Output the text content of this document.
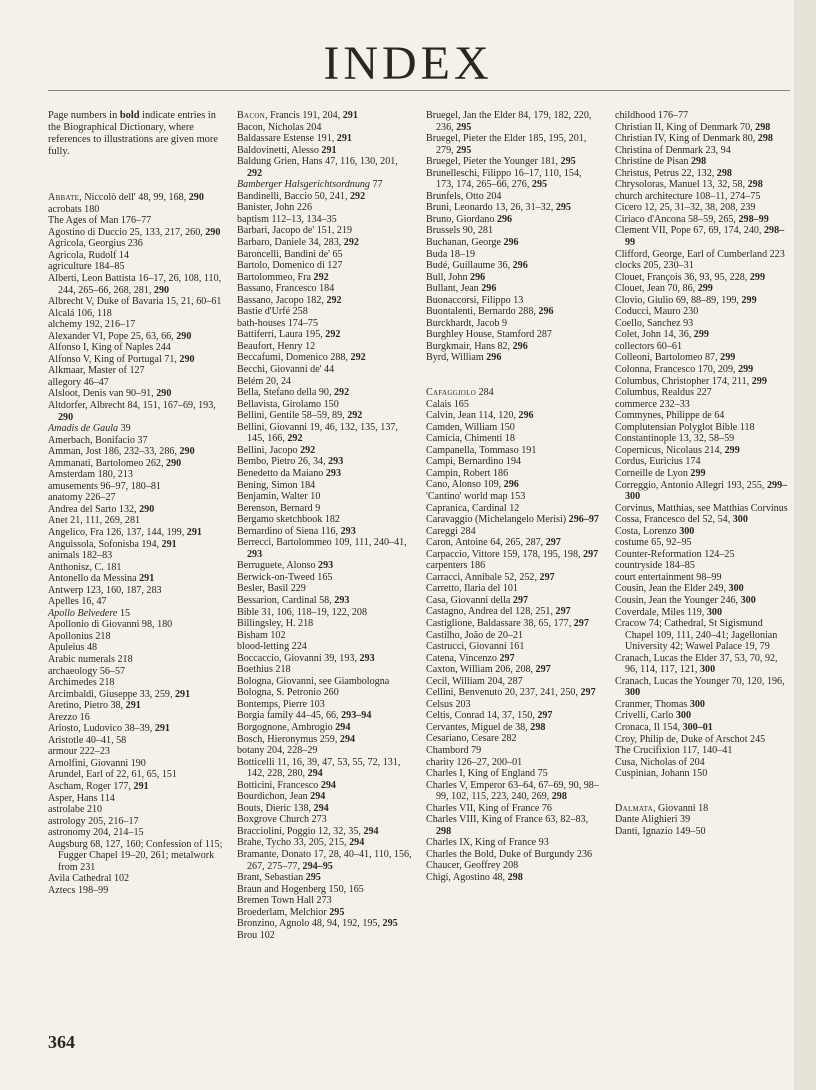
INDEX
Page numbers in bold indicate entries in the Biographical Dictionary, where references to illustrations are given more fully.
Abbate, Niccolò dell' 48, 99, 168, 290
acrobats 180
The Ages of Man 176–77
Agostino di Duccio 25, 133, 217, 260, 290
Agricola, Georgius 236
Agricola, Rudolf 14
agriculture 184–85
Alberti, Leon Battista 16–17, 26, 108, 110, 244, 265–66, 268, 281, 290
Albrecht V, Duke of Bavaria 15, 21, 60–61
Alcalá 106, 118
alchemy 192, 216–17
Alexander VI, Pope 25, 63, 66, 290
Alfonso I, King of Naples 244
Alfonso V, King of Portugal 71, 290
Alkmaar, Master of 127
allegory 46–47
Alsloot, Denis van 90–91, 290
Altdorfer, Albrecht 84, 151, 167–69, 193, 290
Amadis de Gaula 39
Amerbach, Bonifacio 37
Amman, Jost 186, 232–33, 286, 290
Ammanati, Bartolomeo 262, 290
Amsterdam 180, 213
amusements 96–97, 180–81
anatomy 226–27
Andrea del Sarto 132, 290
Anet 21, 111, 269, 281
Angelico, Fra 126, 137, 144, 199, 291
Anguissola, Sofonisba 194, 291
animals 182–83
Anthonisz, C. 181
Antonello da Messina 291
Antwerp 123, 160, 187, 283
Apelles 16, 47
Apollo Belvedere 15
Apollonio di Giovanni 98, 180
Apollonius 218
Apuleius 48
Arabic numerals 218
archaeology 56–57
Archimedes 218
Arcimbaldi, Giuseppe 33, 259, 291
Aretino, Pietro 38, 291
Arezzo 16
Ariosto, Ludovico 38–39, 291
Aristotle 40–41, 58
armour 222–23
Arnolfini, Giovanni 190
Arundel, Earl of 22, 61, 65, 151
Ascham, Roger 177, 291
Asper, Hans 114
astrolabe 210
astrology 205, 216–17
astronomy 204, 214–15
Augsburg 68, 127, 160; Confession of 115; Fugger Chapel 19–20, 261; metalwork from 231
Avila Cathedral 102
Aztecs 198–99
Bacon, Francis 191, 204, 291
Bacon, Nicholas 204
Baldassare Estense 191, 291
Baldovinetti, Alesso 291
Baldung Grien, Hans 47, 116, 130, 201, 292
Bamberger Halsgerichtsordnung 77
Bandinelli, Baccio 50, 241, 292
Banister, John 226
baptism 112–13, 134–35
Barbari, Jacopo de' 151, 219
Barbaro, Daniele 34, 283, 292
Baroncelli, Bandini de' 65
Bartolo, Domenico di 127
Bartolommeo, Fra 292
Bassano, Francesco 184
Bassano, Jacopo 182, 292
Bastie d'Urfé 258
bath-houses 174–75
Battiferri, Laura 195, 292
Beaufort, Henry 12
Beccafumi, Domenico 288, 292
Becchi, Giovanni de' 44
Belém 20, 24
Bella, Stefano della 90, 292
Bellavista, Girolamo 150
Bellini, Gentile 58–59, 89, 292
Bellini, Giovanni 19, 46, 132, 135, 137, 145, 166, 292
Bellini, Jacopo 292
Bembo, Pietro 26, 34, 293
Benedetto da Maiano 293
Bening, Simon 184
Benjamin, Walter 10
Berenson, Bernard 9
Bergamo sketchbook 182
Bernardino of Siena 116, 293
Berrecci, Bartolommeo 109, 111, 240–41, 293
Berruguete, Alonso 293
Berwick-on-Tweed 165
Besler, Basil 229
Bessarion, Cardinal 58, 293
Bible 31, 106, 118–19, 122, 208
Billingsley, H. 218
Bisham 102
blood-letting 224
Boccaccio, Giovanni 39, 193, 293
Boethius 218
Bologna, Giovanni, see Giambologna
Bologna, S. Petronio 260
Bontemps, Pierre 103
Borgia family 44–45, 66, 293–94
Borgognone, Ambrogio 294
Bosch, Hieronymus 259, 294
botany 204, 228–29
Botticelli 11, 16, 39, 47, 53, 55, 72, 131, 142, 228, 280, 294
Botticini, Francesco 294
Bourdichon, Jean 294
Bouts, Dieric 138, 294
Boxgrove Church 273
Bracciolini, Poggio 12, 32, 35, 294
Brahe, Tycho 33, 205, 215, 294
Bramante, Donato 17, 28, 40–41, 110, 156, 267, 275–77, 294–95
Brant, Sebastian 295
Braun and Hogenberg 150, 165
Bremen Town Hall 273
Broederlam, Melchior 295
Bronzino, Agnolo 48, 94, 192, 195, 295
Brou 102
Bruegel, Jan the Elder 84, 179, 182, 220, 236, 295
Bruegel, Pieter the Elder 185, 195, 201, 279, 295
Bruegel, Pieter the Younger 181, 295
Brunelleschi, Filippo 16–17, 110, 154, 173, 174, 265–66, 276, 295
Brunfels, Otto 204
Bruni, Leonardo 13, 26, 31–32, 295
Bruno, Giordano 296
Brussels 90, 281
Buchanan, George 296
Buda 18–19
Budé, Guillaume 36, 296
Bull, John 296
Bullant, Jean 296
Buonaccorsi, Filippo 13
Buontalenti, Bernardo 288, 296
Burckhardt, Jacob 9
Burghley House, Stamford 287
Burgkmair, Hans 82, 296
Byrd, William 296
Cafaggiolo 284
Calais 165
Calvin, Jean 114, 120, 296
Camden, William 150
Camicia, Chimenti 18
Campanella, Tommaso 191
Campi, Bernardino 194
Campin, Robert 186
Cano, Alonso 109, 296
'Cantino' world map 153
Capranica, Cardinal 12
Caravaggio (Michelangelo Merisi) 296–97
Careggi 284
Caron, Antoine 64, 265, 287, 297
Carpaccio, Vittore 159, 178, 195, 198, 297
carpenters 186
Carracci, Annibale 52, 252, 297
Carretto, Ilaria del 101
Casa, Giovanni della 297
Castagno, Andrea del 128, 251, 297
Castiglione, Baldassare 38, 65, 177, 297
Castilho, João de 20–21
Castrucci, Giovanni 161
Catena, Vincenzo 297
Caxton, William 206, 208, 297
Cecil, William 204, 287
Cellini, Benvenuto 20, 237, 241, 250, 297
Celsus 203
Celtis, Conrad 14, 37, 150, 297
Cervantes, Miguel de 38, 298
Cesariano, Cesare 282
Chambord 79
charity 126–27, 200–01
Charles I, King of England 75
Charles V, Emperor 63–64, 67–69, 90, 98–99, 102, 115, 223, 240, 269, 298
Charles VII, King of France 76
Charles VIII, King of France 63, 82–83, 298
Charles IX, King of France 93
Charles the Bold, Duke of Burgundy 236
Chaucer, Geoffrey 208
Chigi, Agostino 48, 298
childhood 176–77
Christian II, King of Denmark 70, 298
Christian IV, King of Denmark 80, 298
Christina of Denmark 23, 94
Christine de Pisan 298
Christus, Petrus 22, 132, 298
Chrysoloras, Manuel 13, 32, 58, 298
church architecture 108–11, 274–75
Cicero 12, 25, 31–32, 38, 208, 239
Ciriaco d'Ancona 58–59, 265, 298–99
Clement VII, Pope 67, 69, 174, 240, 298–99
Clifford, George, Earl of Cumberland 223
clocks 205, 230–31
Clouet, François 36, 93, 95, 228, 299
Clouet, Jean 70, 86, 299
Clovio, Giulio 69, 88–89, 199, 299
Coducci, Mauro 230
Coello, Sanchez 93
Colet, John 14, 36, 299
collectors 60–61
Colleoni, Bartolomeo 87, 299
Colonna, Francesco 170, 209, 299
Columbus, Christopher 174, 211, 299
Columbus, Realdus 227
commerce 232–33
Commynes, Philippe de 64
Complutensian Polyglot Bible 118
Constantinople 13, 32, 58–59
Copernicus, Nicolaus 214, 299
Cordus, Euricius 174
Corneille de Lyon 299
Correggio, Antonio Allegri 193, 255, 299–300
Corvinus, Matthias, see Matthias Corvinus
Cossa, Francesco del 52, 54, 300
Costa, Lorenzo 300
costume 65, 92–95
Counter-Reformation 124–25
countryside 184–85
court entertainment 98–99
Cousin, Jean the Elder 249, 300
Cousin, Jean the Younger 246, 300
Coverdale, Miles 119, 300
Cracow 74; Cathedral, St Sigismund Chapel 109, 111, 240–41; Jagellonian University 42; Wawel Palace 19, 79
Cranach, Lucas the Elder 37, 53, 70, 92, 96, 114, 117, 121, 300
Cranach, Lucas the Younger 70, 120, 196, 300
Cranmer, Thomas 300
Crivelli, Carlo 300
Cronaca, Il 154, 300–01
Croy, Philip de, Duke of Arschot 245
The Crucifixion 117, 140–41
Cusa, Nicholas of 204
Cuspinian, Johann 150
Dalmata, Giovanni 18
Dante Alighieri 39
Danti, Ignazio 149–50
364
